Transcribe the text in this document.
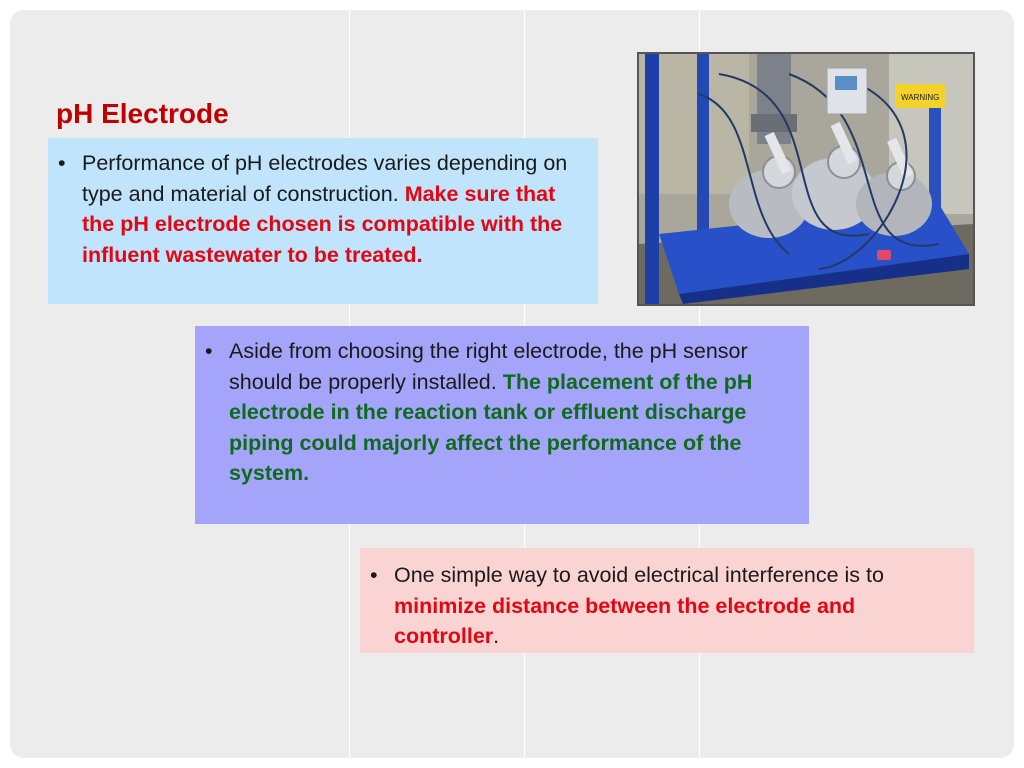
pH Electrode
• Performance of pH electrodes varies depending on type and material of construction. Make sure that the pH electrode chosen is compatible with the influent wastewater to be treated.
• Aside from choosing the right electrode, the pH sensor should be properly installed. The placement of the pH electrode in the reaction tank or effluent discharge piping could majorly affect the performance of the system.
• One simple way to avoid electrical interference is to minimize distance between the electrode and controller.
WARNING
